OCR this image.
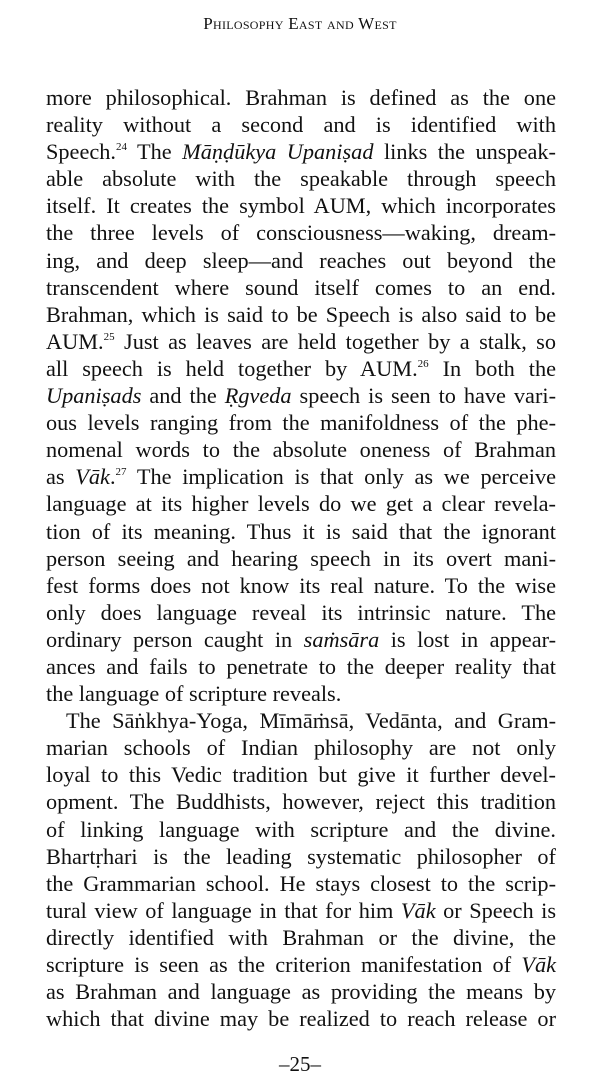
Philosophy East and West
more philosophical. Brahman is defined as the one
reality without a second and is identified with
Speech.$^{24}$ The Māṇḍūkya Upaniṣad links the unspeak-
able absolute with the speakable through speech
itself. It creates the symbol AUM, which incorporates
the three levels of consciousness—waking, dream-
ing, and deep sleep—and reaches out beyond the
transcendent where sound itself comes to an end.
Brahman, which is said to be Speech is also said to be
AUM.$^{25}$ Just as leaves are held together by a stalk, so
all speech is held together by AUM.$^{26}$ In both the
Upaniṣads and the Ṛgveda speech is seen to have vari-
ous levels ranging from the manifoldness of the phe-
nomenal words to the absolute oneness of Brahman
as Vāk.$^{27}$ The implication is that only as we perceive
language at its higher levels do we get a clear revela-
tion of its meaning. Thus it is said that the ignorant
person seeing and hearing speech in its overt mani-
fest forms does not know its real nature. To the wise
only does language reveal its intrinsic nature. The
ordinary person caught in saṁsāra is lost in appear-
ances and fails to penetrate to the deeper reality that
the language of scripture reveals.
The Sāṅkhya-Yoga, Mīmāṁsā, Vedānta, and Gram-
marian schools of Indian philosophy are not only
loyal to this Vedic tradition but give it further devel-
opment. The Buddhists, however, reject this tradition
of linking language with scripture and the divine.
Bhartṛhari is the leading systematic philosopher of
the Grammarian school. He stays closest to the scrip-
tural view of language in that for him Vāk or Speech is
directly identified with Brahman or the divine, the
scripture is seen as the criterion manifestation of Vāk
as Brahman and language as providing the means by
which that divine may be realized to reach release or
–25–
